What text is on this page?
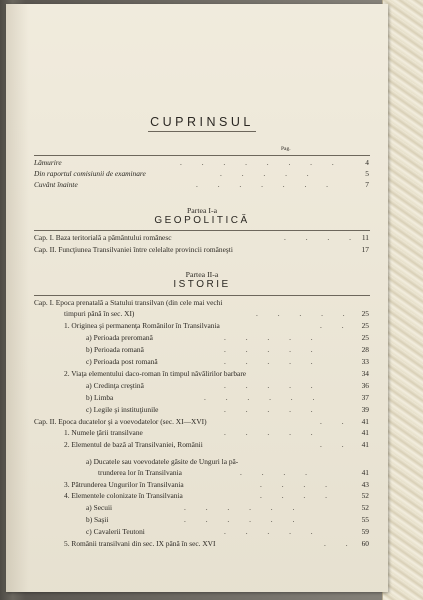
CUPRINSUL
Pag.
Lămurire	. . . . . . . .	4
Din raportul comisiunii de examinare	. . . . .	5
Cuvânt înainte	. . . . . . .	7
Partea I-a
GEOPOLITICĂ
Cap. I. Baza teritorială a pământului românesc	. . . . 11
Cap. II. Funcţiunea Transilvaniei între celelalte provincii româneşti	17
Partea II-a
ISTORIE
Cap. I. Epoca prenatală a Statului transilvan (din cele mai vechi
timpuri până în sec. XI)	. . . . .	25
1. Originea şi permanenţa Românilor în Transilvania	. .	25
a) Perioada preromană	. . . . .	25
b) Perioada romană	. . . . .	28
c) Perioada post romană	. . . . .	33
2. Viaţa elementului daco-roman în timpul năvălirilor barbare	34
a) Credinţa creştină	. . . . .	36
b) Limba	. . . . . .	37
c) Legile şi instituţiunile	. . . . .	39
Cap. II. Epoca ducatelor şi a voevodatelor (sec. XI—XVI)	. .	41
1. Numele ţării transilvane	. . . . .	41
2. Elementul de bază al Transilvaniei, Românii	. .	41
a) Ducatele sau voevodatele găsite de Unguri la pă-
trunderea lor în Transilvania	. . . .	41
3. Pătrunderea Ungurilor în Transilvania	. . . .	43
4. Elementele colonizate în Transilvania	. . . .	52
a) Secuii	. . . . . .	52
b) Saşii	. . . . . .	55
c) Cavalerii Teutoni	. . . . .	59
5. Românii transilvani din sec. IX până în sec. XVI	. . 60
